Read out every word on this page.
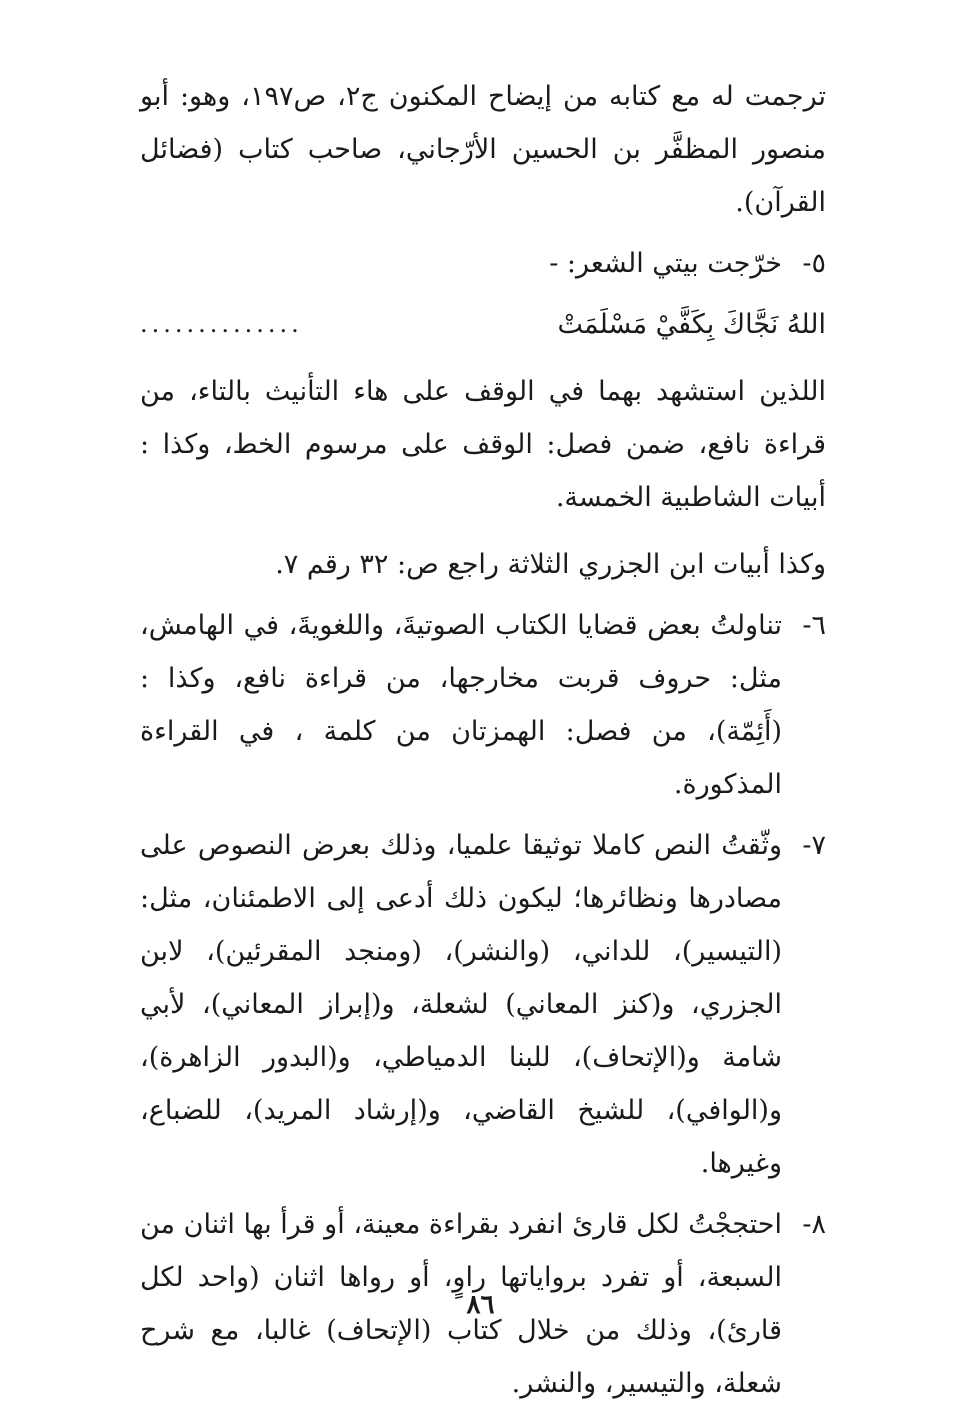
ترجمت له مع كتابه من إيضاح المكنون ج٢، ص١٩٧، وهو: أبو منصور المظفَّر بن الحسين الأرّجاني، صاحب كتاب (فضائل القرآن).

٥-
خرّجت بيتي الشعر: -
اللهُ نَجَّاكَ بِكَفَّيْ مَسْلَمَتْ
..............

اللذين استشهد بهما في الوقف على هاء التأنيث بالتاء، من قراءة نافع، ضمن فصل: الوقف على مرسوم الخط، وكذا : أبيات الشاطبية الخمسة.

وكذا أبيات ابن الجزري الثلاثة راجع ص: ٣٢ رقم ٧.

٦-
تناولتُ بعض قضايا الكتاب الصوتيةَ، واللغويةَ، في الهامش، مثل: حروف قربت مخارجها، من قراءة نافع، وكذا : (أَئِمّة)، من فصل: الهمزتان من كلمة ، في القراءة المذكورة.
٧-
وثّقتُ النص كاملا توثيقا علميا، وذلك بعرض النصوص على مصادرها ونظائرها؛ ليكون ذلك أدعى إلى الاطمئنان، مثل: (التيسير)، للداني، (والنشر)، (ومنجد المقرئين)، لابن الجزري، و(كنز المعاني) لشعلة، و(إبراز المعاني)، لأبي شامة و(الإتحاف)، للبنا الدمياطي، و(البدور الزاهرة)، و(الوافي)، للشيخ القاضي، و(إرشاد المريد)، للضباع، وغيرها.
٨-
احتججْتُ لكل قارئ انفرد بقراءة معينة، أو قرأ بها اثنان من السبعة، أو تفرد برواياتها راوٍ، أو رواها اثنان (واحد لكل قارئ)، وذلك من خلال كتاب (الإتحاف) غالبا، مع شرح شعلة، والتيسير، والنشر.
٨٦
